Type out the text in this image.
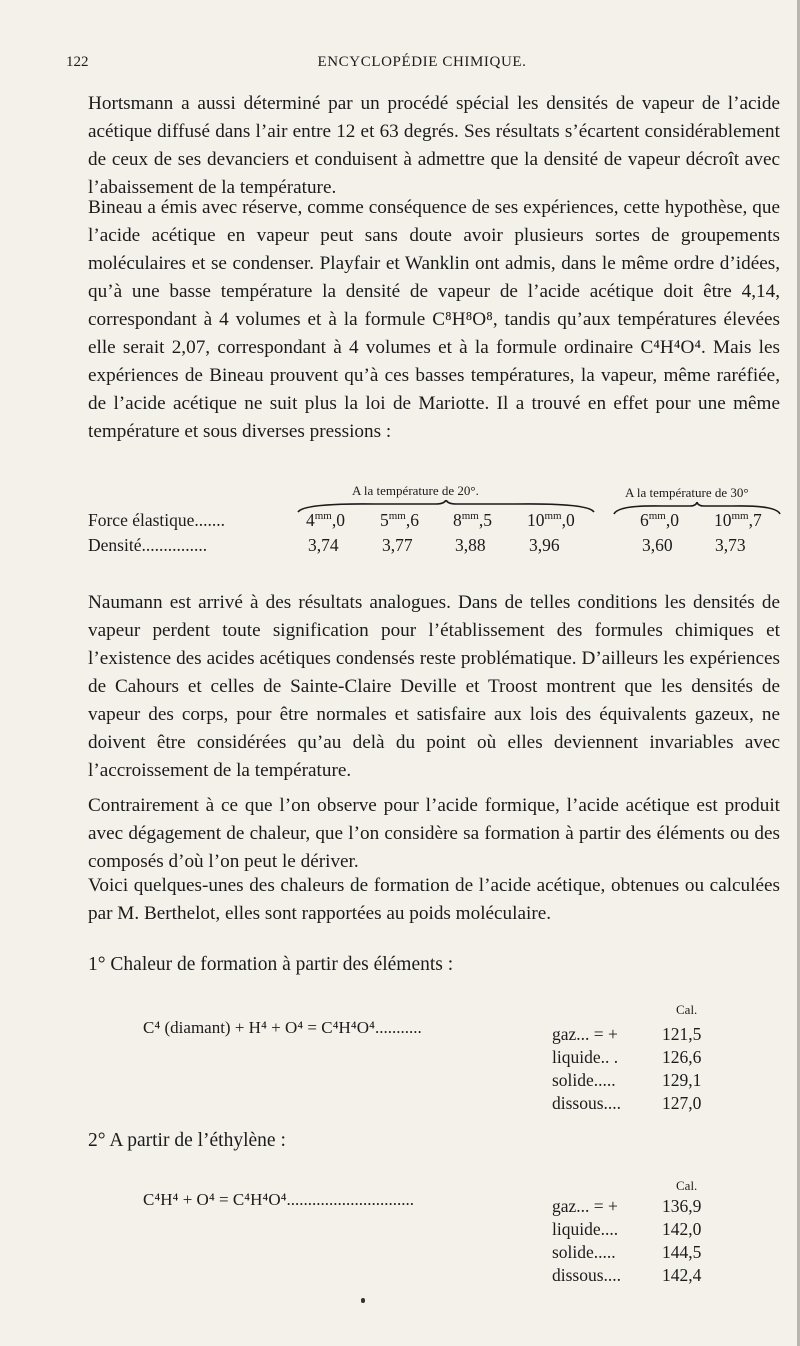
122	ENCYCLOPÉDIE CHIMIQUE.

Hortsmann a aussi déterminé par un procédé spécial les densités de vapeur de l’acide acétique diffusé dans l’air entre 12 et 63 degrés. Ses résultats s’écartent considérablement de ceux de ses devanciers et conduisent à admettre que la densité de vapeur décroît avec l’abaissement de la température.

Bineau a émis avec réserve, comme conséquence de ses expériences, cette hypothèse, que l’acide acétique en vapeur peut sans doute avoir plusieurs sortes de groupements moléculaires et se condenser. Playfair et Wanklin ont admis, dans le même ordre d’idées, qu’à une basse température la densité de vapeur de l’acide acétique doit être 4,14, correspondant à 4 volumes et à la formule C⁸H⁸O⁸, tandis qu’aux températures élevées elle serait 2,07, correspondant à 4 volumes et à la formule ordinaire C⁴H⁴O⁴. Mais les expériences de Bineau prouvent qu’à ces basses températures, la vapeur, même raréfiée, de l’acide acétique ne suit plus la loi de Mariotte. Il a trouvé en effet pour une même température et sous diverses pressions :

A la température de 20°.	A la température de 30°
Force élastique.......	$4^{mm},0$ $5^{mm},6$ $8^{mm},5$ $10^{mm},0$	$6^{mm},0$ $10^{mm},7$
Densité...............	3,74 3,77 3,88 3,96	3,60 3,73

Naumann est arrivé à des résultats analogues. Dans de telles conditions les densités de vapeur perdent toute signification pour l’établissement des formules chimiques et l’existence des acides acétiques condensés reste problématique. D’ailleurs les expériences de Cahours et celles de Sainte-Claire Deville et Troost montrent que les densités de vapeur des corps, pour être normales et satisfaire aux lois des équivalents gazeux, ne doivent être considérées qu’au delà du point où elles deviennent invariables avec l’accroissement de la température.

Contrairement à ce que l’on observe pour l’acide formique, l’acide acétique est produit avec dégagement de chaleur, que l’on considère sa formation à partir des éléments ou des composés d’où l’on peut le dériver.

Voici quelques-unes des chaleurs de formation de l’acide acétique, obtenues ou calculées par M. Berthelot, elles sont rapportées au poids moléculaire.

1° Chaleur de formation à partir des éléments :
Cal.
C⁴ (diamant) + H⁴ + O⁴ = C⁴H⁴O⁴...........	gaz... = +	121,5
liquide.. .	126,6
solide.....	129,1
dissous.... 127,0
2° A partir de l’éthylène :
Cal.
C⁴H⁴ + O⁴ = C⁴H⁴O⁴..............................	gaz... = +	136,9
liquide....	142,0
solide.....	144,5
dissous.... 142,4
